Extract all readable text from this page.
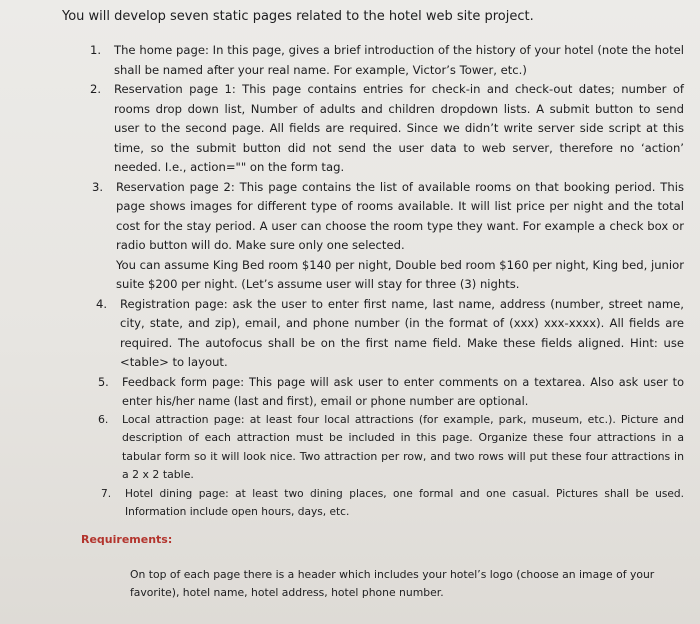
You will develop seven static pages related to the hotel web site project.

1.	The home page: In this page, gives a brief introduction of the history of your hotel (note the hotel shall be named after your real name. For example, Victor’s Tower, etc.)
2.	Reservation page 1: This page contains entries for check-in and check-out dates; number of rooms drop down list, Number of adults and children dropdown lists. A submit button to send user to the second page. All fields are required. Since we didn’t write server side script at this time, so the submit button did not send the user data to web server, therefore no ‘action’ needed. I.e., action="" on the form tag.
3.	Reservation page 2: This page contains the list of available rooms on that booking period. This page shows images for different type of rooms available. It will list price per night and the total cost for the stay period. A user can choose the room type they want. For example a check box or radio button will do. Make sure only one selected.
You can assume King Bed room $140 per night, Double bed room $160 per night, King bed, junior suite $200 per night. (Let’s assume user will stay for three (3) nights.
4.	Registration page: ask the user to enter first name, last name, address (number, street name, city, state, and zip), email, and phone number (in the format of (xxx) xxx-xxxx). All fields are required. The autofocus shall be on the first name field. Make these fields aligned. Hint: use <table> to layout.
5.	Feedback form page: This page will ask user to enter comments on a textarea. Also ask user to enter his/her name (last and first), email or phone number are optional.
6.	Local attraction page: at least four local attractions (for example, park, museum, etc.). Picture and description of each attraction must be included in this page. Organize these four attractions in a tabular form so it will look nice. Two attraction per row, and two rows will put these four attractions in a 2 x 2 table.
7.	Hotel dining page: at least two dining places, one formal and one casual. Pictures shall be used. Information include open hours, days, etc.

Requirements:

On top of each page there is a header which includes your hotel’s logo (choose an image of your favorite), hotel name, hotel address, hotel phone number.
